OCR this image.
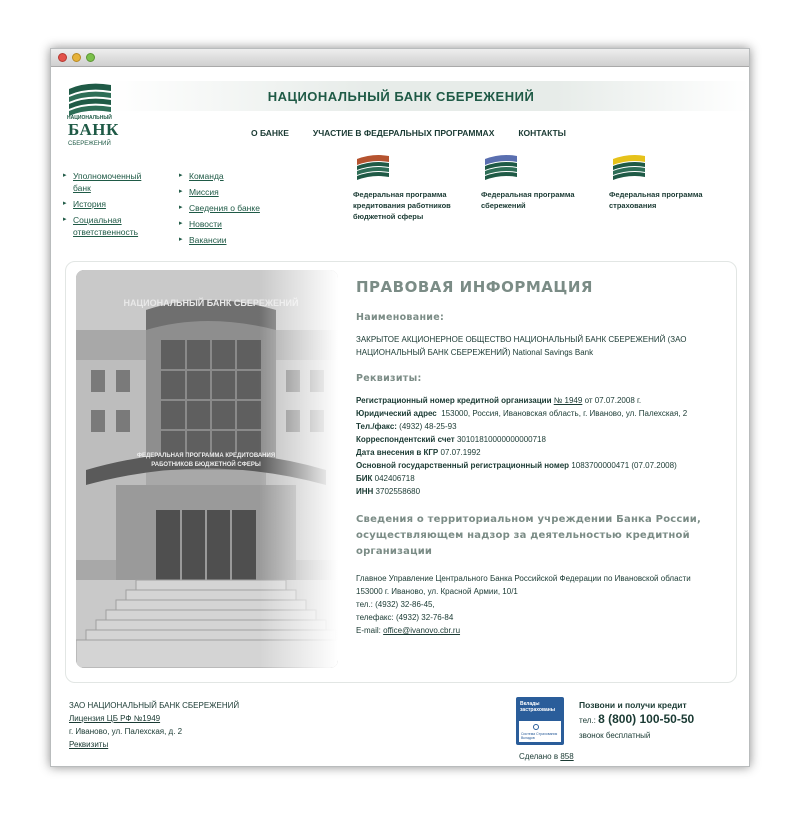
НАЦИОНАЛЬНЫЙ БАНК СБЕРЕЖЕНИЙ
НАЦИОНАЛЬНЫЙ
БАНК
СБЕРЕЖЕНИЙ
О БАНКЕ	УЧАСТИЕ В ФЕДЕРАЛЬНЫХ ПРОГРАММАХ	КОНТАКТЫ
▸ Уполномоченный банк
▸ История
▸ Социальная ответственность
▸ Команда
▸ Миссия
▸ Сведения о банке
▸ Новости
▸ Вакансии
Федеральная программа кредитования работников бюджетной сферы
Федеральная программа сбережений
Федеральная программа страхования
ПРАВОВАЯ ИНФОРМАЦИЯ
Наименование:
ЗАКРЫТОЕ АКЦИОНЕРНОЕ ОБЩЕСТВО НАЦИОНАЛЬНЫЙ БАНК СБЕРЕЖЕНИЙ (ЗАО НАЦИОНАЛЬНЫЙ БАНК СБЕРЕЖЕНИЙ) National Savings Bank
Реквизиты:
Регистрационный номер кредитной организации № 1949 от 07.07.2008 г.
Юридический адрес 153000, Россия, Ивановская область, г. Иваново, ул. Палехская, 2
Тел./факс: (4932) 48-25-93
Корреспондентский счет 30101810000000000718
Дата внесения в КГР 07.07.1992
Основной государственный регистрационный номер 1083700000471 (07.07.2008)
БИК 042406718
ИНН 3702558680
Сведения о территориальном учреждении Банка России, осуществляющем надзор за деятельностью кредитной организации
Главное Управление Центрального Банка Российской Федерации по Ивановской области
153000 г. Иваново, ул. Красной Армии, 10/1
тел.: (4932) 32-86-45,
телефакс: (4932) 32-76-84
E-mail: office@ivanovo.cbr.ru
ЗАО НАЦИОНАЛЬНЫЙ БАНК СБЕРЕЖЕНИЙ
Лицензия ЦБ РФ №1949
г. Иваново, ул. Палехская, д. 2
Реквизиты
Вклады застрахованы
Система Страхования Вкладов
Позвони и получи кредит
тел.: 8 (800) 100-50-50
звонок бесплатный
Сделано в 858
